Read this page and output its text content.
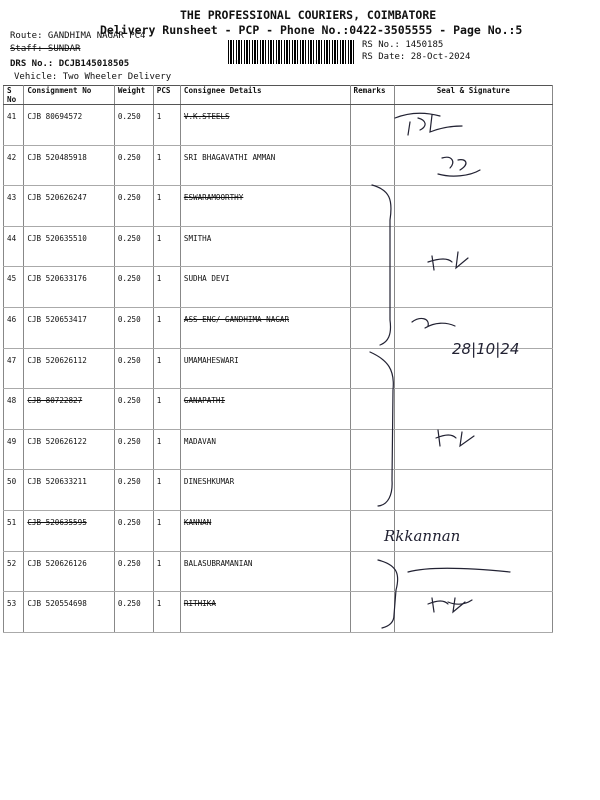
THE PROFESSIONAL COURIERS, COIMBATORE
Delivery Runsheet - PCP - Phone No.:0422-3505555 - Page No.:5
Route: GANDHIMA NAGAR PC4
Staff: SUNDAR
DRS No.: DCJB145018505
Vehicle: Two Wheeler Delivery
RS No.: 1450185
RS Date: 28-Oct-2024
S No	Consignment No	Weight	PCS	Consignee Details	Remarks	Seal & Signature
41	CJB 80694572	0.250	1	V.K.STEELS		
42	CJB 520485918	0.250	1	SRI BHAGAVATHI AMMAN		
43	CJB 520626247	0.250	1	ESWARAMOORTHY		
44	CJB 520635510	0.250	1	SMITHA		
45	CJB 520633176	0.250	1	SUDHA DEVI		
46	CJB 520653417	0.250	1	ASS ENG/ GANDHIMA NAGAR		
47	CJB 520626112	0.250	1	UMAMAHESWARI		
48	CJB 80722827	0.250	1	GANAPATHI		
49	CJB 520626122	0.250	1	MADAVAN		
50	CJB 520633211	0.250	1	DINESHKUMAR		
51	CJB 520635595	0.250	1	KANNAN		
52	CJB 520626126	0.250	1	BALASUBRAMANIAN		
53	CJB 520554698	0.250	1	RITHIKA		
28|10|24
Rkkannan
